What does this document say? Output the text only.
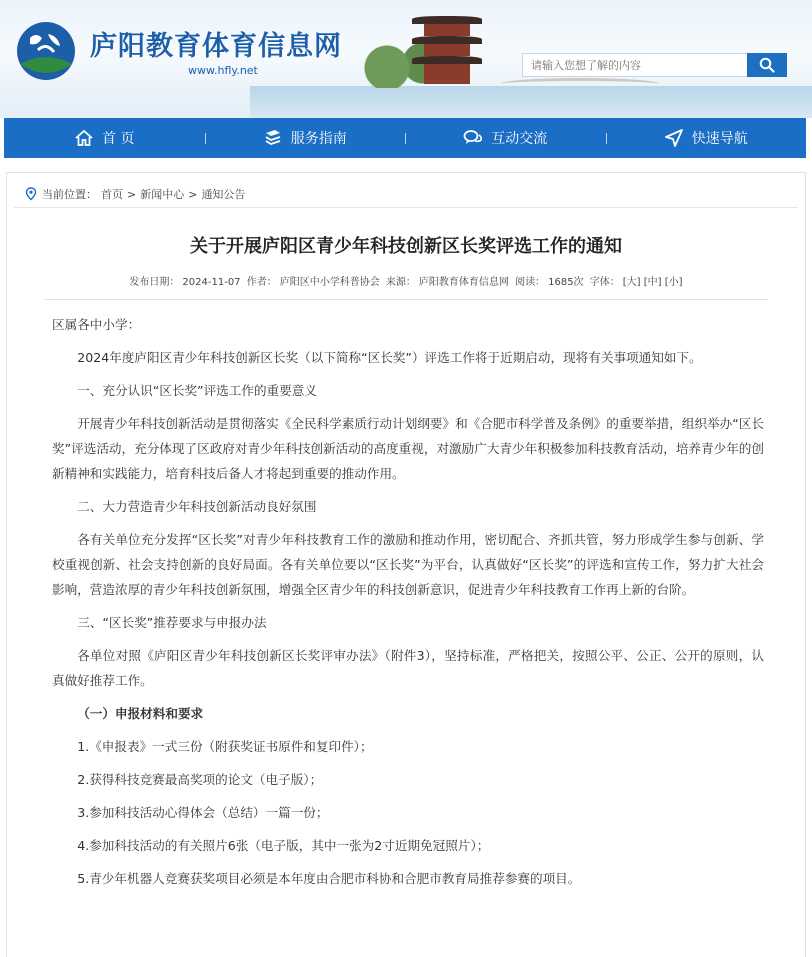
庐阳教育体育信息网
www.hfly.net
请输入您想了解的内容
首 页	服务指南	互动交流	快速导航
当前位置： 首页 > 新闻中心 > 通知公告
关于开展庐阳区青少年科技创新区长奖评选工作的通知
发布日期： 2024-11-07 作者： 庐阳区中小学科普协会 来源： 庐阳教育体育信息网 阅读： 1685次 字体： [大] [中] [小]

区属各中小学：

2024年度庐阳区青少年科技创新区长奖（以下简称“区长奖”）评选工作将于近期启动，现将有关事项通知如下。

一、充分认识“区长奖”评选工作的重要意义

开展青少年科技创新活动是贯彻落实《全民科学素质行动计划纲要》和《合肥市科学普及条例》的重要举措，组织举办“区长奖”评选活动，充分体现了区政府对青少年科技创新活动的高度重视，对激励广大青少年积极参加科技教育活动，培养青少年的创新精神和实践能力，培育科技后备人才将起到重要的推动作用。

二、大力营造青少年科技创新活动良好氛围

各有关单位充分发挥“区长奖”对青少年科技教育工作的激励和推动作用，密切配合、齐抓共管，努力形成学生参与创新、学校重视创新、社会支持创新的良好局面。各有关单位要以“区长奖”为平台，认真做好“区长奖”的评选和宣传工作，努力扩大社会影响，营造浓厚的青少年科技创新氛围，增强全区青少年的科技创新意识，促进青少年科技教育工作再上新的台阶。

三、“区长奖”推荐要求与申报办法

各单位对照《庐阳区青少年科技创新区长奖评审办法》（附件3），坚持标准，严格把关，按照公平、公正、公开的原则，认真做好推荐工作。

（一）申报材料和要求

1.《申报表》一式三份（附获奖证书原件和复印件）；

2.获得科技竞赛最高奖项的论文（电子版）；

3.参加科技活动心得体会（总结）一篇一份；

4.参加科技活动的有关照片6张（电子版，其中一张为2寸近期免冠照片）；

5.青少年机器人竞赛获奖项目必须是本年度由合肥市科协和合肥市教育局推荐参赛的项目。
